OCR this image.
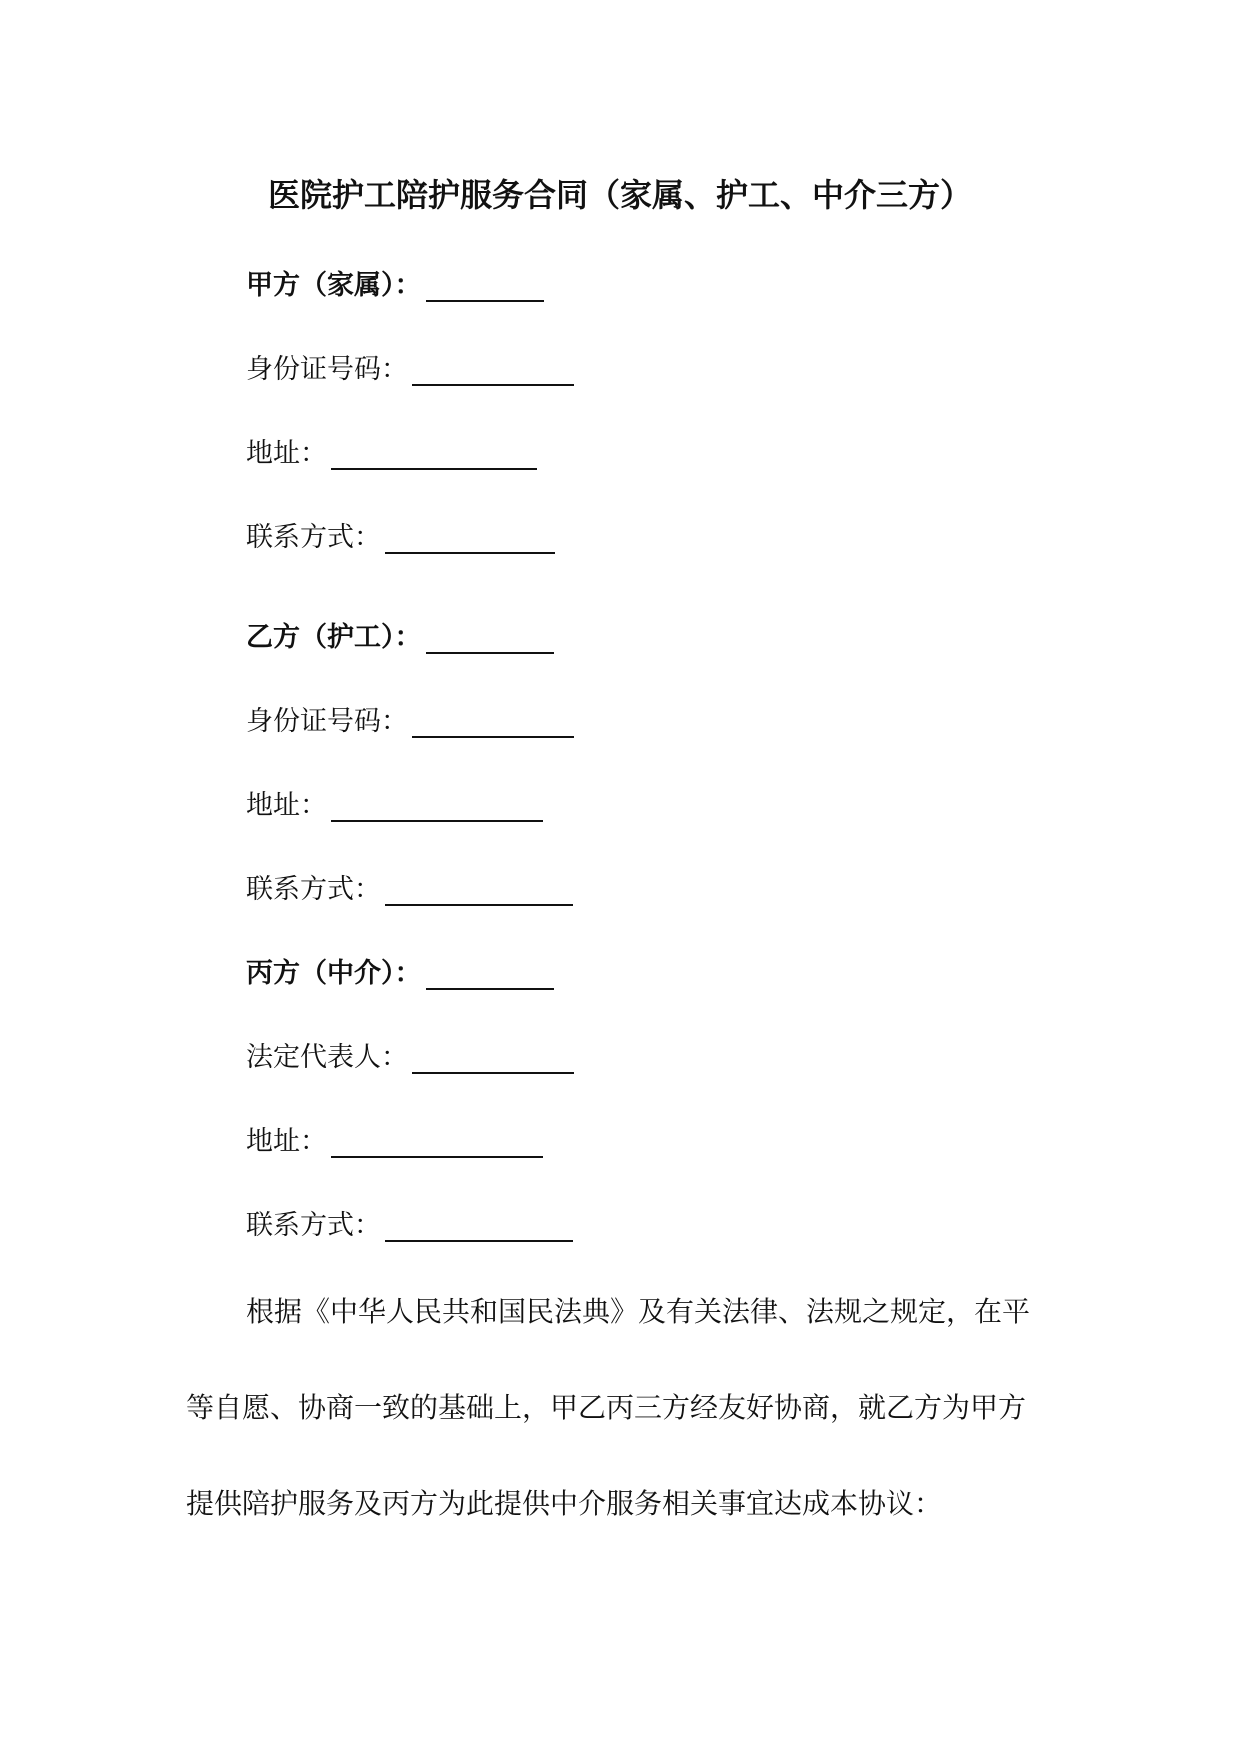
医院护工陪护服务合同（家属、护工、中介三方）
甲方（家属）：
身份证号码：
地址：
联系方式：
乙方（护工）：
身份证号码：
地址：
联系方式：
丙方（中介）：
法定代表人：
地址：
联系方式：
根据《中华人民共和国民法典》及有关法律、法规之规定，在平
等自愿、协商一致的基础上，甲乙丙三方经友好协商，就乙方为甲方
提供陪护服务及丙方为此提供中介服务相关事宜达成本协议：
